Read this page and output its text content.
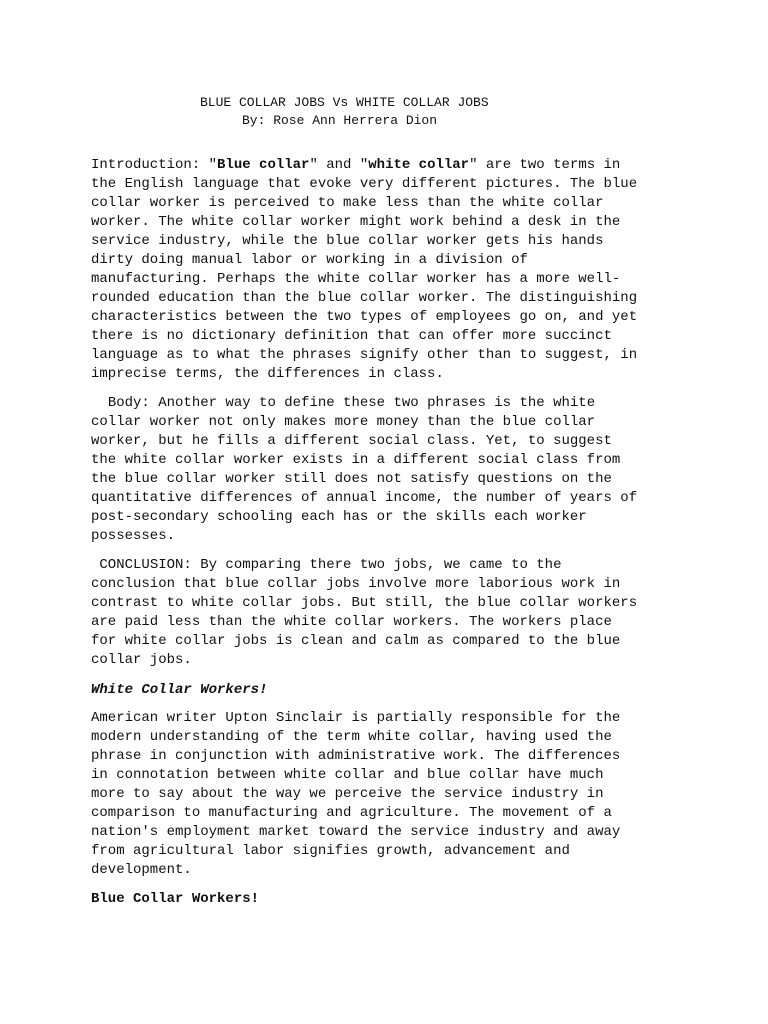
BLUE COLLAR JOBS Vs WHITE COLLAR JOBS
By: Rose Ann Herrera Dion

Introduction: "Blue collar" and "white collar" are two terms in
the English language that evoke very different pictures. The blue
collar worker is perceived to make less than the white collar
worker. The white collar worker might work behind a desk in the
service industry, while the blue collar worker gets his hands
dirty doing manual labor or working in a division of
manufacturing. Perhaps the white collar worker has a more well-
rounded education than the blue collar worker. The distinguishing
characteristics between the two types of employees go on, and yet
there is no dictionary definition that can offer more succinct
language as to what the phrases signify other than to suggest, in
imprecise terms, the differences in class.

Body: Another way to define these two phrases is the white
collar worker not only makes more money than the blue collar
worker, but he fills a different social class. Yet, to suggest
the white collar worker exists in a different social class from
the blue collar worker still does not satisfy questions on the
quantitative differences of annual income, the number of years of
post-secondary schooling each has or the skills each worker
possesses.

CONCLUSION: By comparing there two jobs, we came to the
conclusion that blue collar jobs involve more laborious work in
contrast to white collar jobs. But still, the blue collar workers
are paid less than the white collar workers. The workers place
for white collar jobs is clean and calm as compared to the blue
collar jobs.

White Collar Workers!

American writer Upton Sinclair is partially responsible for the
modern understanding of the term white collar, having used the
phrase in conjunction with administrative work. The differences
in connotation between white collar and blue collar have much
more to say about the way we perceive the service industry in
comparison to manufacturing and agriculture. The movement of a
nation's employment market toward the service industry and away
from agricultural labor signifies growth, advancement and
development.

Blue Collar Workers!
